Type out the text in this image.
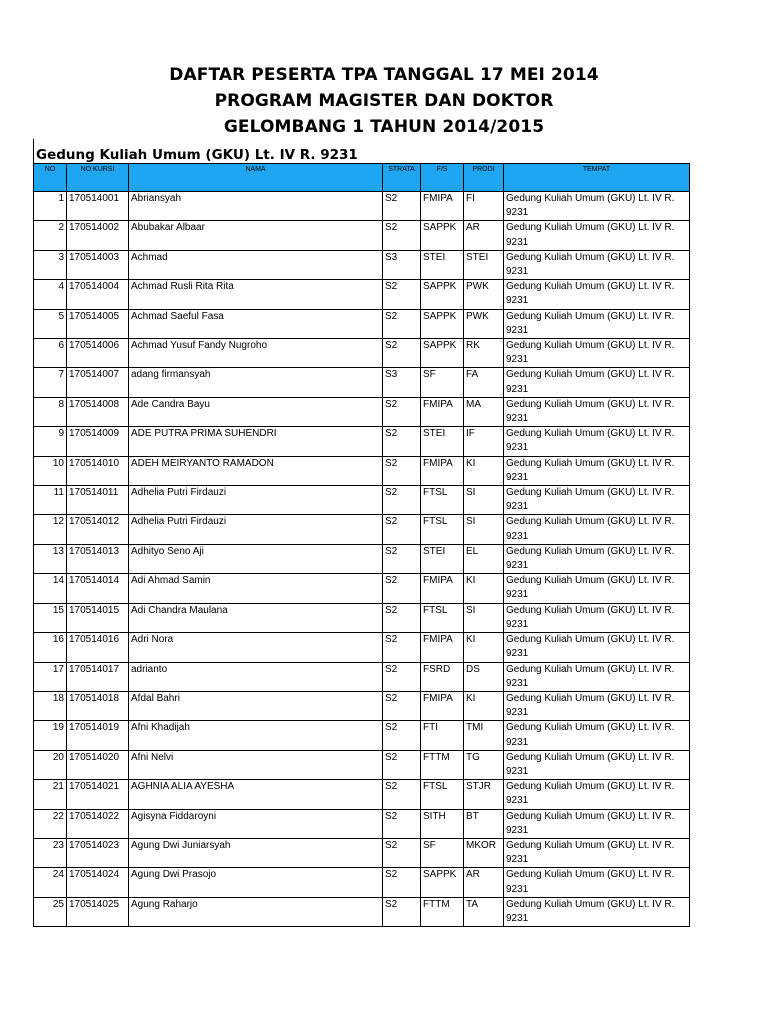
DAFTAR PESERTA TPA TANGGAL 17 MEI 2014
PROGRAM MAGISTER DAN DOKTOR
GELOMBANG 1 TAHUN 2014/2015
Gedung Kuliah Umum (GKU) Lt. IV R. 9231
NO	NO KURSI	NAMA	STRATA	F/S	PRODI	TEMPAT
1	170514001	Abriansyah	S2	FMIPA	FI	Gedung Kuliah Umum (GKU) Lt. IV R. 9231
2	170514002	Abubakar Albaar	S2	SAPPK	AR	Gedung Kuliah Umum (GKU) Lt. IV R. 9231
3	170514003	Achmad	S3	STEI	STEI	Gedung Kuliah Umum (GKU) Lt. IV R. 9231
4	170514004	Achmad Rusli Rita Rita	S2	SAPPK	PWK	Gedung Kuliah Umum (GKU) Lt. IV R. 9231
5	170514005	Achmad Saeful Fasa	S2	SAPPK	PWK	Gedung Kuliah Umum (GKU) Lt. IV R. 9231
6	170514006	Achmad Yusuf Fandy Nugroho	S2	SAPPK	RK	Gedung Kuliah Umum (GKU) Lt. IV R. 9231
7	170514007	adang firmansyah	S3	SF	FA	Gedung Kuliah Umum (GKU) Lt. IV R. 9231
8	170514008	Ade Candra Bayu	S2	FMIPA	MA	Gedung Kuliah Umum (GKU) Lt. IV R. 9231
9	170514009	ADE PUTRA PRIMA SUHENDRI	S2	STEI	IF	Gedung Kuliah Umum (GKU) Lt. IV R. 9231
10	170514010	ADEH MEIRYANTO RAMADON	S2	FMIPA	KI	Gedung Kuliah Umum (GKU) Lt. IV R. 9231
11	170514011	Adhelia Putri Firdauzi	S2	FTSL	SI	Gedung Kuliah Umum (GKU) Lt. IV R. 9231
12	170514012	Adhelia Putri Firdauzi	S2	FTSL	SI	Gedung Kuliah Umum (GKU) Lt. IV R. 9231
13	170514013	Adhityo Seno Aji	S2	STEI	EL	Gedung Kuliah Umum (GKU) Lt. IV R. 9231
14	170514014	Adi Ahmad Samin	S2	FMIPA	KI	Gedung Kuliah Umum (GKU) Lt. IV R. 9231
15	170514015	Adi Chandra Maulana	S2	FTSL	SI	Gedung Kuliah Umum (GKU) Lt. IV R. 9231
16	170514016	Adri Nora	S2	FMIPA	KI	Gedung Kuliah Umum (GKU) Lt. IV R. 9231
17	170514017	adrianto	S2	FSRD	DS	Gedung Kuliah Umum (GKU) Lt. IV R. 9231
18	170514018	Afdal Bahri	S2	FMIPA	KI	Gedung Kuliah Umum (GKU) Lt. IV R. 9231
19	170514019	Afni Khadijah	S2	FTI	TMI	Gedung Kuliah Umum (GKU) Lt. IV R. 9231
20	170514020	Afni Nelvi	S2	FTTM	TG	Gedung Kuliah Umum (GKU) Lt. IV R. 9231
21	170514021	AGHNIA ALIA AYESHA	S2	FTSL	STJR	Gedung Kuliah Umum (GKU) Lt. IV R. 9231
22	170514022	Agisyna Fiddaroyni	S2	SITH	BT	Gedung Kuliah Umum (GKU) Lt. IV R. 9231
23	170514023	Agung Dwi Juniarsyah	S2	SF	MKOR	Gedung Kuliah Umum (GKU) Lt. IV R. 9231
24	170514024	Agung Dwi Prasojo	S2	SAPPK	AR	Gedung Kuliah Umum (GKU) Lt. IV R. 9231
25	170514025	Agung Raharjo	S2	FTTM	TA	Gedung Kuliah Umum (GKU) Lt. IV R. 9231
